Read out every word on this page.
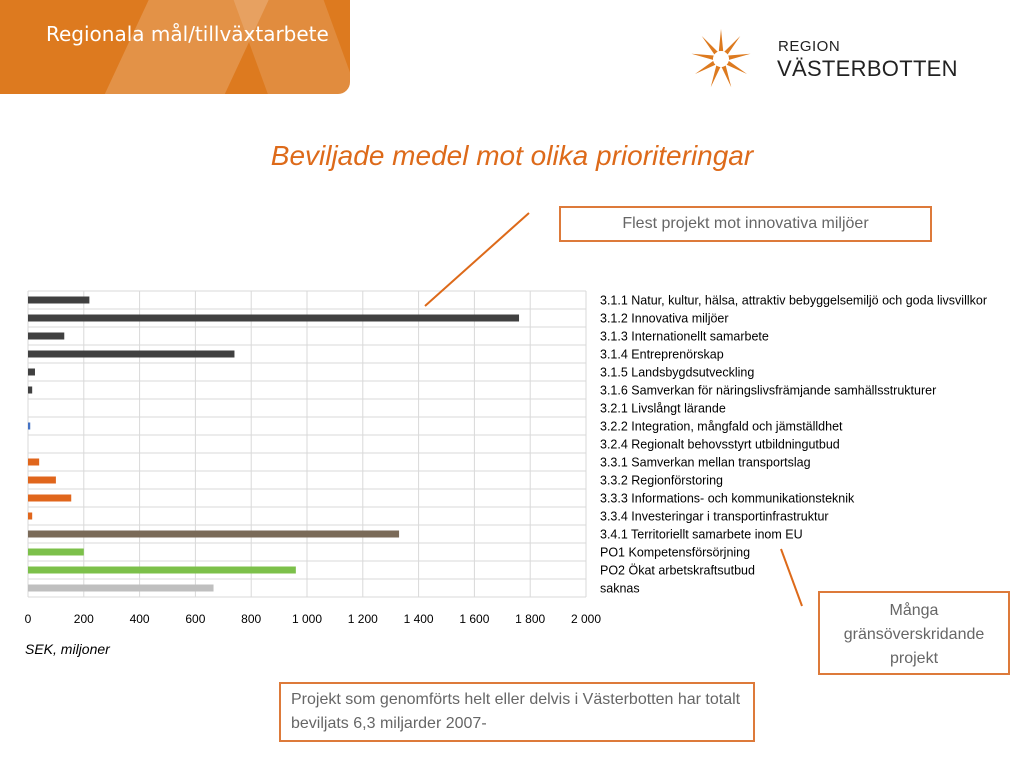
Regionala mål/tillväxtarbete
REGION
VÄSTERBOTTEN
Beviljade medel mot olika prioriteringar
Flest projekt mot innovativa miljöer
Många gränsöverskridande projekt
Projekt som genomförts helt eller delvis i Västerbotten har totalt beviljats 6,3 miljarder 2007-
3.1.1 Natur, kultur, hälsa, attraktiv bebyggelsemiljö och goda livsvillkor
3.1.2 Innovativa miljöer
3.1.3 Internationellt samarbete
3.1.4 Entreprenörskap
3.1.5 Landsbygdsutveckling
3.1.6 Samverkan för näringslivsfrämjande samhällsstrukturer
3.2.1 Livslångt lärande
3.2.2 Integration, mångfald och jämställdhet
3.2.4 Regionalt behovsstyrt utbildningutbud
3.3.1 Samverkan mellan transportslag
3.3.2 Regionförstoring
3.3.3 Informations- och kommunikationsteknik
3.3.4 Investeringar i transportinfrastruktur
3.4.1 Territoriellt samarbete inom EU
PO1 Kompetensförsörjning
PO2 Ökat arbetskraftsutbud
saknas
0	200	400	600	800	1 000 1 200 1 400 1 600 1 800 2 000
SEK, miljoner
